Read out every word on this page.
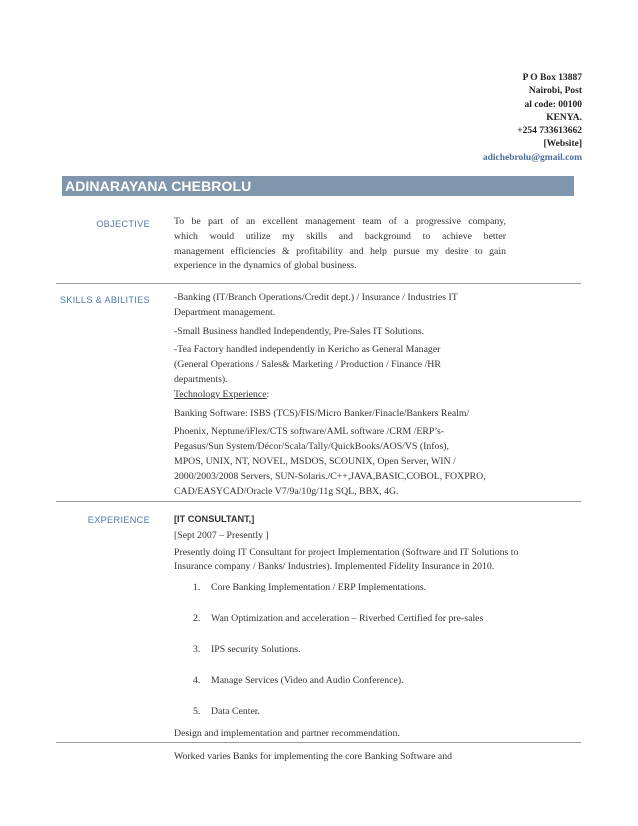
P O Box 13887
Nairobi, Post
al code: 00100
KENYA.
+254 733613662
[Website]
adichebrolu@gmail.com
ADINARAYANA CHEBROLU
OBJECTIVE To be part of an excellent management team of a progressive company,
which would utilize my skills and background to achieve better
management efficiencies & profitability and help pursue my desire to gain
experience in the dynamics of global business.
SKILLS & ABILITIES -Banking (IT/Branch Operations/Credit dept.) / Insurance / Industries IT
Department management.
-Small Business handled Independently, Pre-Sales IT Solutions.
-Tea Factory handled independently in Kericho as General Manager
(General Operations / Sales& Marketing / Production / Finance /HR
departments).
Technology Experience:
Banking Software: ISBS (TCS)/FIS/Micro Banker/Finacle/Bankers Realm/
Phoenix, Neptune/iFlex/CTS software/AML software /CRM /ERP’s-
Pegasus/Sun System/Décor/Scala/Tally/QuickBooks/AOS/VS (Infos),
MPOS, UNIX, NT, NOVEL, MSDOS, SCOUNIX, Open Server, WIN /
2000/2003/2008 Servers, SUN-Solaris./C++,JAVA,BASIC,COBOL, FOXPRO,
CAD/EASYCAD/Oracle V7/9a/10g/11g SQL, BBX, 4G.
EXPERIENCE	[IT CONSULTANT,]
[Sept 2007 – Presently ]
Presently doing IT Consultant for project Implementation (Software and IT Solutions to
Insurance company / Banks/ Industries). Implemented Fidelity Insurance in 2010.
1. Core Banking Implementation / ERP Implementations.
2. Wan Optimization and acceleration – Riverbed Certified for pre-sales
3. IPS security Solutions.
4. Manage Services (Video and Audio Conference).
5. Data Center.
Design and implementation and partner recommendation.
Worked varies Banks for implementing the core Banking Software and
